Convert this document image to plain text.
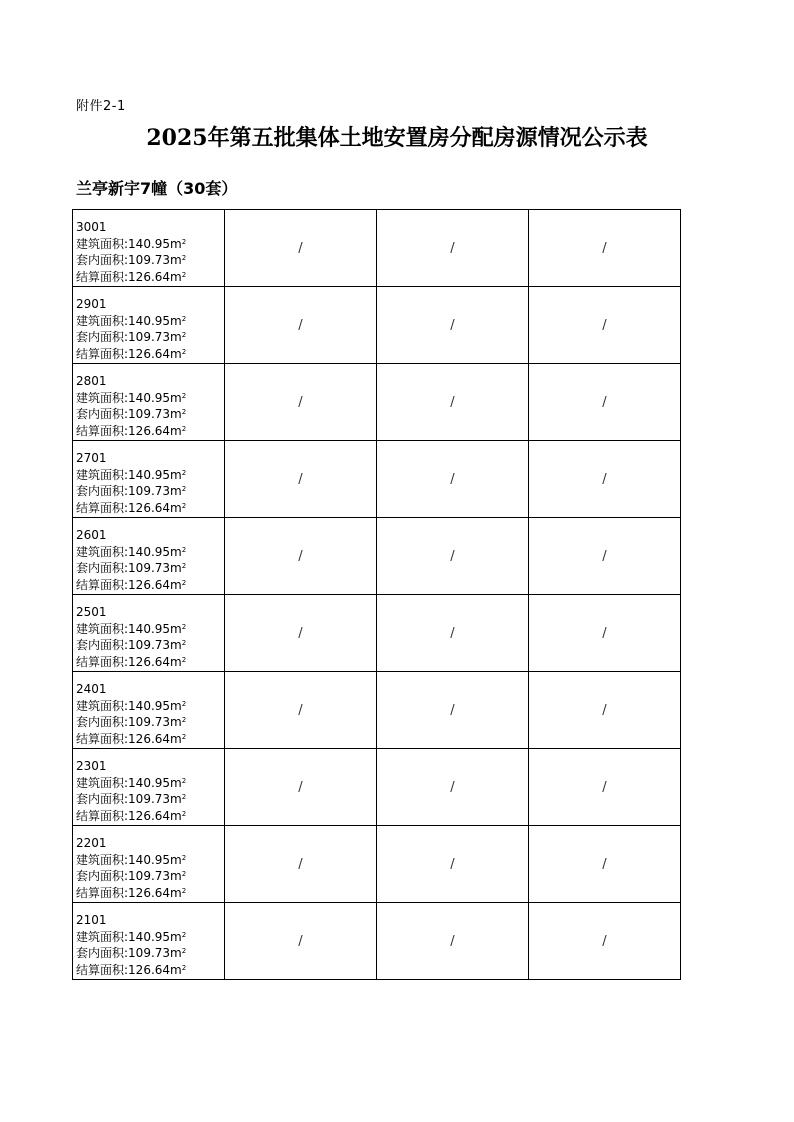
附件2-1
2025年第五批集体土地安置房分配房源情况公示表
兰亭新宇7幢（30套）
3001
建筑面积$:140.95m^2$
套内面积$:109.73m^2$
结算面积$:126.64m^2$	/	/	/

2901
建筑面积$:140.95m^2$
套内面积$:109.73m^2$
结算面积$:126.64m^2$	/	/	/

2801
建筑面积$:140.95m^2$
套内面积$:109.73m^2$
结算面积$:126.64m^2$	/	/	/

2701
建筑面积$:140.95m^2$
套内面积$:109.73m^2$
结算面积$:126.64m^2$	/	/	/

2601
建筑面积$:140.95m^2$
套内面积$:109.73m^2$
结算面积$:126.64m^2$	/	/	/

2501
建筑面积$:140.95m^2$
套内面积$:109.73m^2$
结算面积$:126.64m^2$	/	/	/

2401
建筑面积$:140.95m^2$
套内面积$:109.73m^2$
结算面积$:126.64m^2$	/	/	/

2301
建筑面积$:140.95m^2$
套内面积$:109.73m^2$
结算面积$:126.64m^2$	/	/	/

2201
建筑面积$:140.95m^2$
套内面积$:109.73m^2$
结算面积$:126.64m^2$	/	/	/

2101
建筑面积$:140.95m^2$
套内面积$:109.73m^2$
结算面积$:126.64m^2$	/	/	/
